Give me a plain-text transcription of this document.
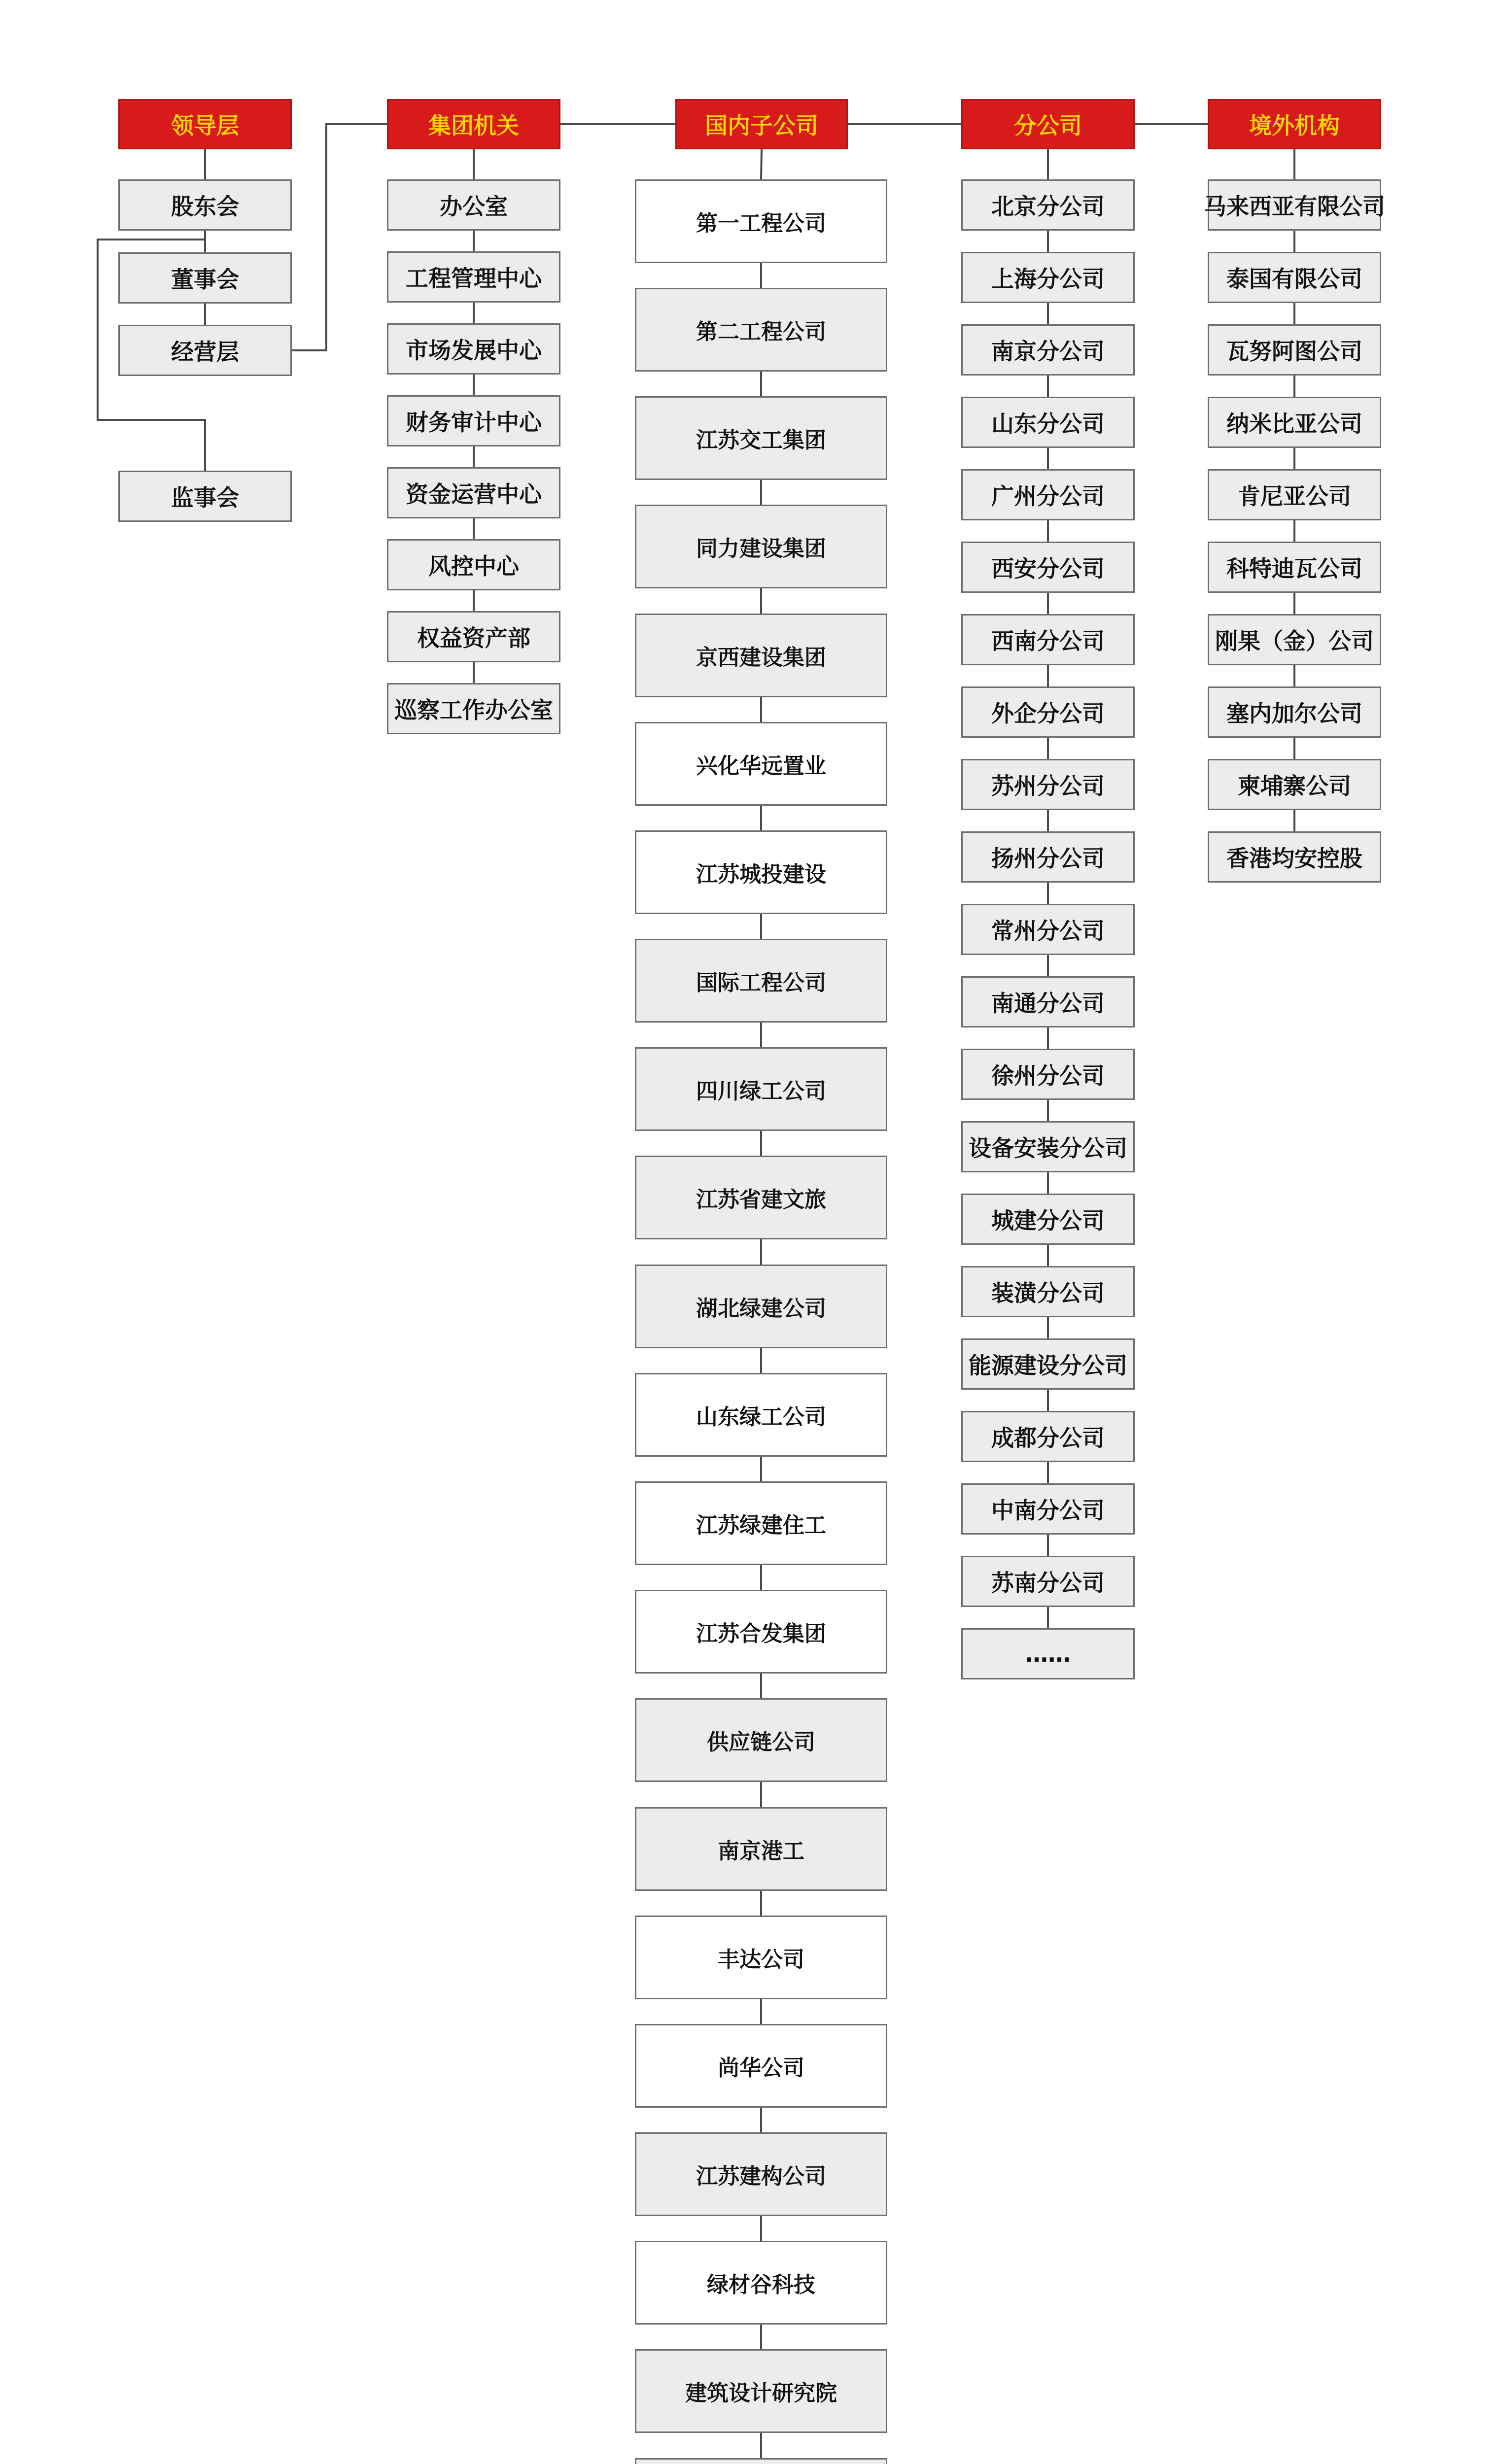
领导层	集团机关	国内子公司	分公司	境外机构
股东会
董事会
经营层
监事会
办公室
工程管理中心
市场发展中心
财务审计中心
资金运营中心
风控中心
权益资产部
巡察工作办公室
第一工程公司
第二工程公司
江苏交工集团
同力建设集团
京西建设集团
兴化华远置业
江苏城投建设
国际工程公司
四川绿工公司
江苏省建文旅
湖北绿建公司
山东绿工公司
江苏绿建住工
江苏合发集团
供应链公司
南京港工
丰达公司
尚华公司
江苏建构公司
绿材谷科技
建筑设计研究院
北京分公司
上海分公司
南京分公司
山东分公司
广州分公司
西安分公司
西南分公司
外企分公司
苏州分公司
扬州分公司
常州分公司
南通分公司
徐州分公司
设备安装分公司
城建分公司
装潢分公司
能源建设分公司
成都分公司
中南分公司
苏南分公司
……
马来西亚有限公司
泰国有限公司
瓦努阿图公司
纳米比亚公司
肯尼亚公司
科特迪瓦公司
刚果（金）公司
塞内加尔公司
柬埔寨公司
香港均安控股
